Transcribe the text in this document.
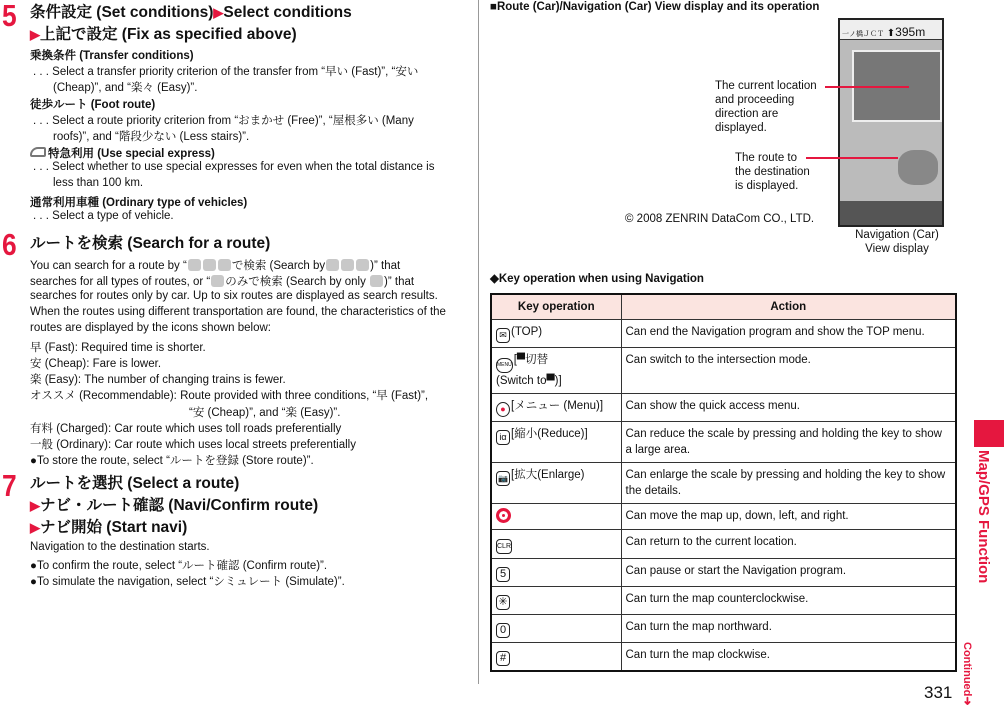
5 条件設定 (Set conditions)▶Select conditions
▶上記で設定 (Fix as specified above)
乗換条件 (Transfer conditions)
. . . Select a transfer priority criterion of the transfer from “早い (Fast)”, “安い
(Cheap)”, and “楽々 (Easy)”.
徒歩ルート (Foot route)
. . . Select a route priority criterion from “おまかせ (Free)”, “屋根多い (Many
roofs)”, and “階段少ない (Less stairs)”.
特急利用 (Use special express)
. . . Select whether to use special expresses for even when the total distance is
less than 100 km.
通常利用車種 (Ordinary type of vehicles)
. . . Select a type of vehicle.
6 ルートを検索 (Search for a route)
You can search for a route by “	で検索 (Search by	)” that
searches for all types of routes, or “ のみで検索 (Search by only )” that
searches for routes only by car. Up to six routes are displayed as search results.
When the routes using different transportation are found, the characteristics of the
routes are displayed by the icons shown below:
早 (Fast): Required time is shorter.
安 (Cheap): Fare is lower.
楽 (Easy): The number of changing trains is fewer.
オススメ (Recommendable): Route provided with three conditions, “早 (Fast)”,
“安 (Cheap)”, and “楽 (Easy)”.
有料 (Charged): Car route which uses toll roads preferentially
一般 (Ordinary): Car route which uses local streets preferentially
●To store the route, select “ルートを登録 (Store route)”.
7 ルートを選択 (Select a route)
▶ナビ・ルート確認 (Navi/Confirm route)
▶ナビ開始 (Start navi)
Navigation to the destination starts.
●To confirm the route, select “ルート確認 (Confirm route)”.
●To simulate the navigation, select “シミュレート (Simulate)”.
■Route (Car)/Navigation (Car) View display and its operation
一ノ橋ＪＣＴ ⬆395m
The current location
and proceeding
direction are
displayed.
The route to
the destination
is displayed.
© 2008 ZENRIN DataCom CO., LTD.
Navigation (Car)
View display
◆Key operation when using Navigation
Key operation	Action
✉ (TOP)	Can end the Navigation program and show the TOP menu.
MENU [▀切替
(Switch to▀)]	Can switch to the intersection mode.
● [メニュー (Menu)]	Can show the quick access menu.
iα [縮小(Reduce)]	Can reduce the scale by pressing and holding the key to show a large area.
📷 [拡大(Enlarge)	Can enlarge the scale by pressing and holding the key to show the details.
	Can move the map up, down, left, and right.
CLR	Can return to the current location.
5	Can pause or start the Navigation program.
✳	Can turn the map counterclockwise.
0	Can turn the map northward.
#	Can turn the map clockwise.
Map/GPS Function
Continued➜
331
